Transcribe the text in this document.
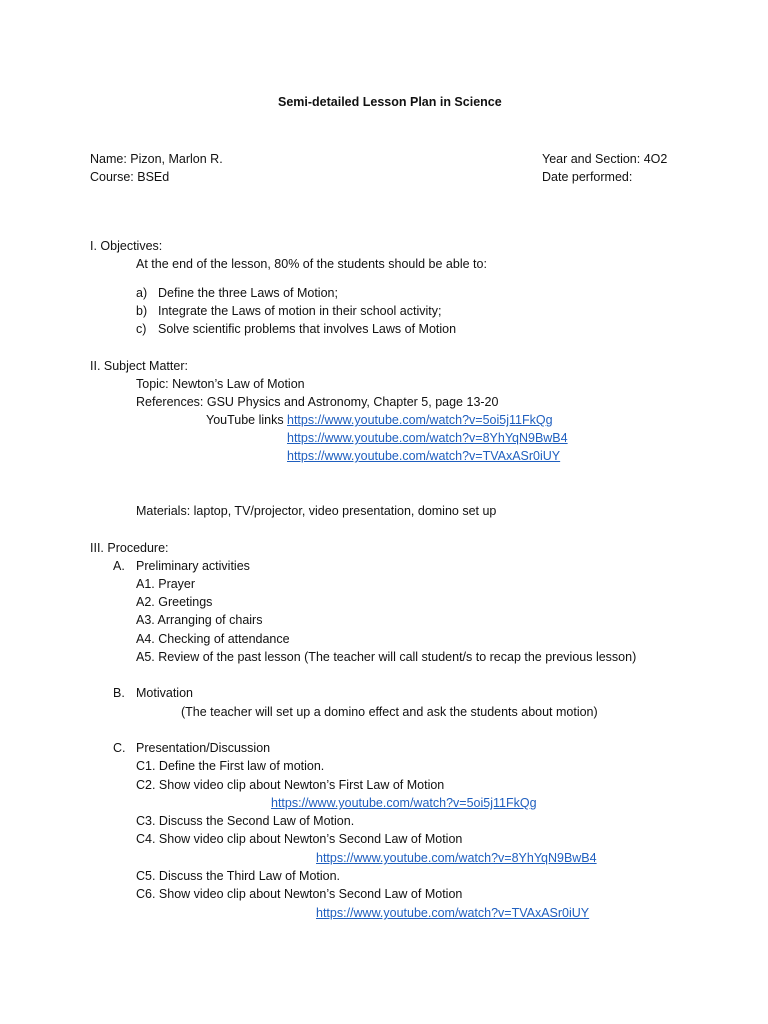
Semi-detailed Lesson Plan in Science
Name: Pizon, Marlon R.	Year and Section: 4O2
Course: BSEd	Date performed:
I. Objectives:
At the end of the lesson, 80% of the students should be able to:
a) Define the three Laws of Motion;
b) Integrate the Laws of motion in their school activity;
c) Solve scientific problems that involves Laws of Motion
II. Subject Matter:
Topic: Newton’s Law of Motion
References: GSU Physics and Astronomy, Chapter 5, page 13-20
YouTube links https://www.youtube.com/watch?v=5oi5j11FkQg
https://www.youtube.com/watch?v=8YhYqN9BwB4
https://www.youtube.com/watch?v=TVAxASr0iUY
Materials: laptop, TV/projector, video presentation, domino set up
III. Procedure:
A. Preliminary activities
A1. Prayer
A2. Greetings
A3. Arranging of chairs
A4. Checking of attendance
A5. Review of the past lesson (The teacher will call student/s to recap the previous lesson)
B. Motivation
(The teacher will set up a domino effect and ask the students about motion)
C. Presentation/Discussion
C1. Define the First law of motion.
C2. Show video clip about Newton’s First Law of Motion
https://www.youtube.com/watch?v=5oi5j11FkQg
C3. Discuss the Second Law of Motion.
C4. Show video clip about Newton’s Second Law of Motion
https://www.youtube.com/watch?v=8YhYqN9BwB4
C5. Discuss the Third Law of Motion.
C6. Show video clip about Newton’s Second Law of Motion
https://www.youtube.com/watch?v=TVAxASr0iUY
